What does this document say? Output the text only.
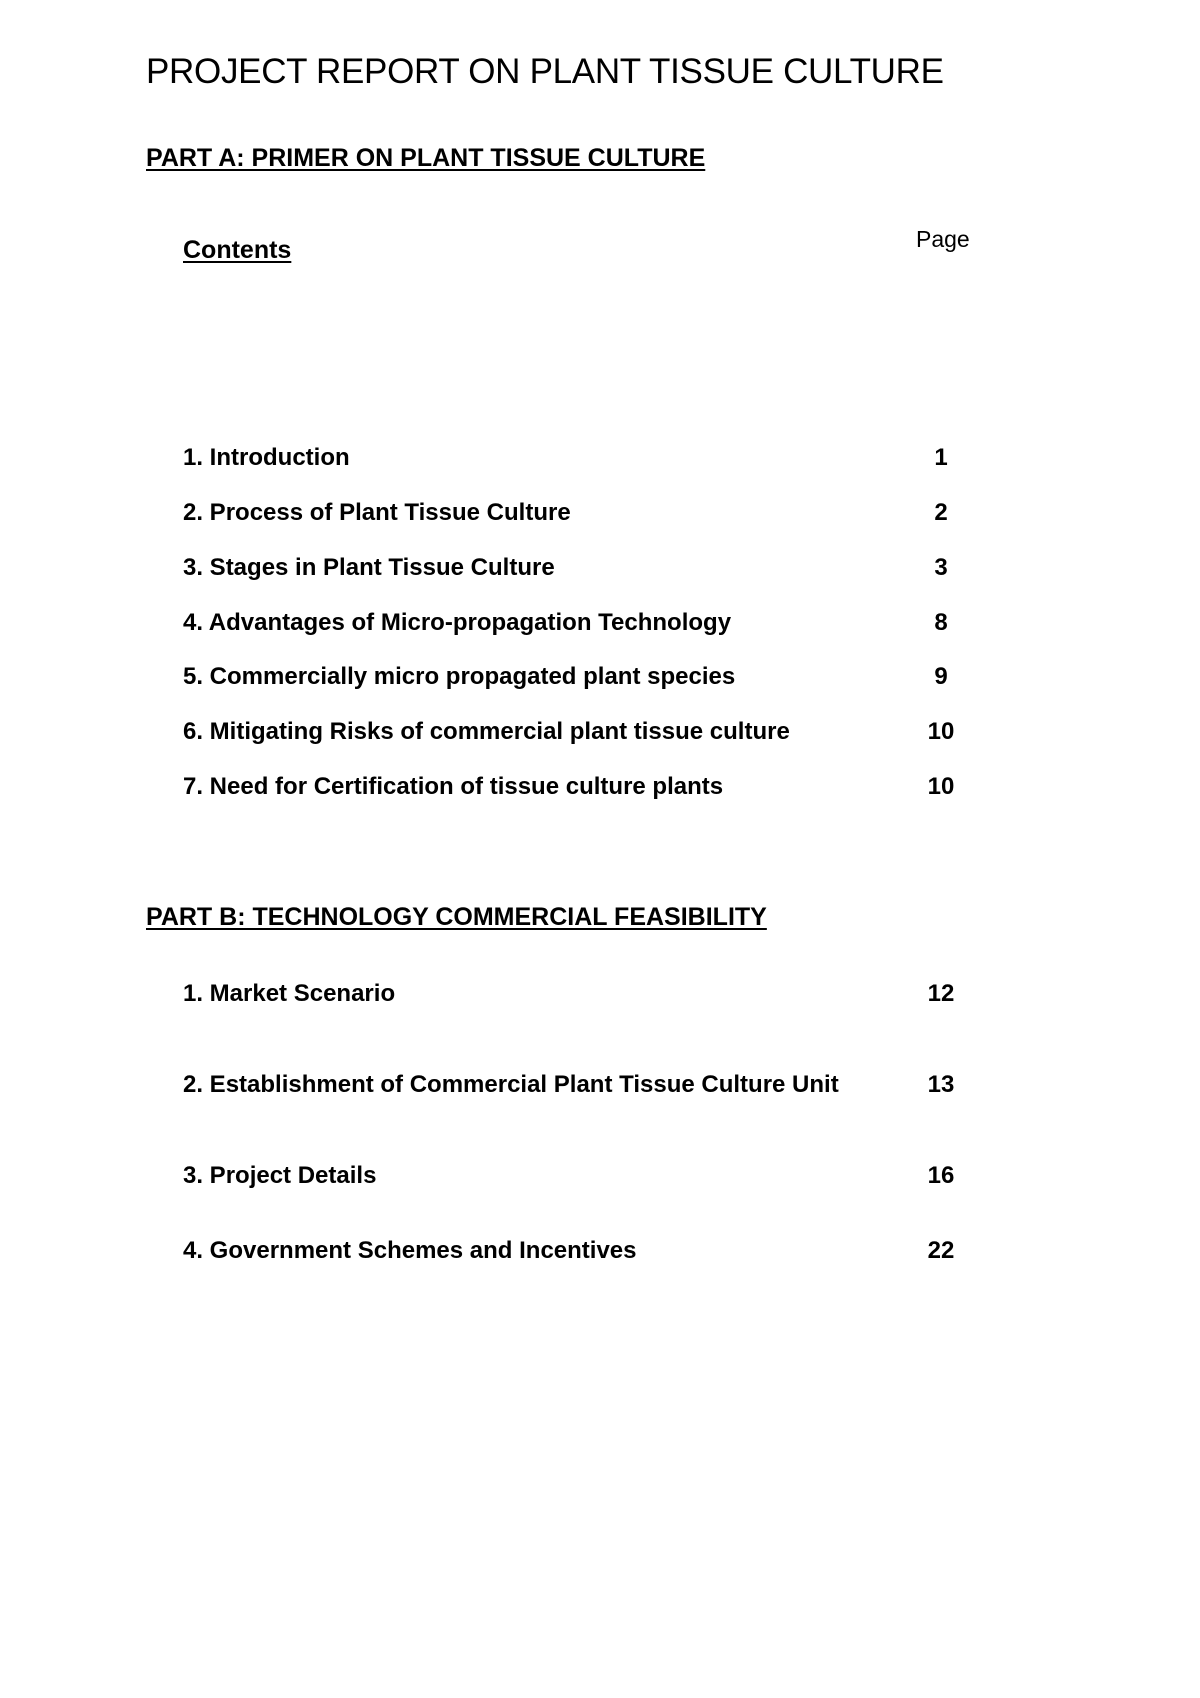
PROJECT REPORT ON PLANT TISSUE CULTURE
PART A: PRIMER ON PLANT TISSUE CULTURE
Contents	Page
1. Introduction	1
2. Process of Plant Tissue Culture	2
3. Stages in Plant Tissue Culture	3
4. Advantages of Micro-propagation Technology	8
5. Commercially micro propagated plant species	9
6. Mitigating Risks of commercial plant tissue culture	10
7. Need for Certification of tissue culture plants	10
PART B: TECHNOLOGY COMMERCIAL FEASIBILITY
1. Market Scenario	12
2. Establishment of Commercial Plant Tissue Culture Unit	13
3. Project Details	16
4. Government Schemes and Incentives	22
